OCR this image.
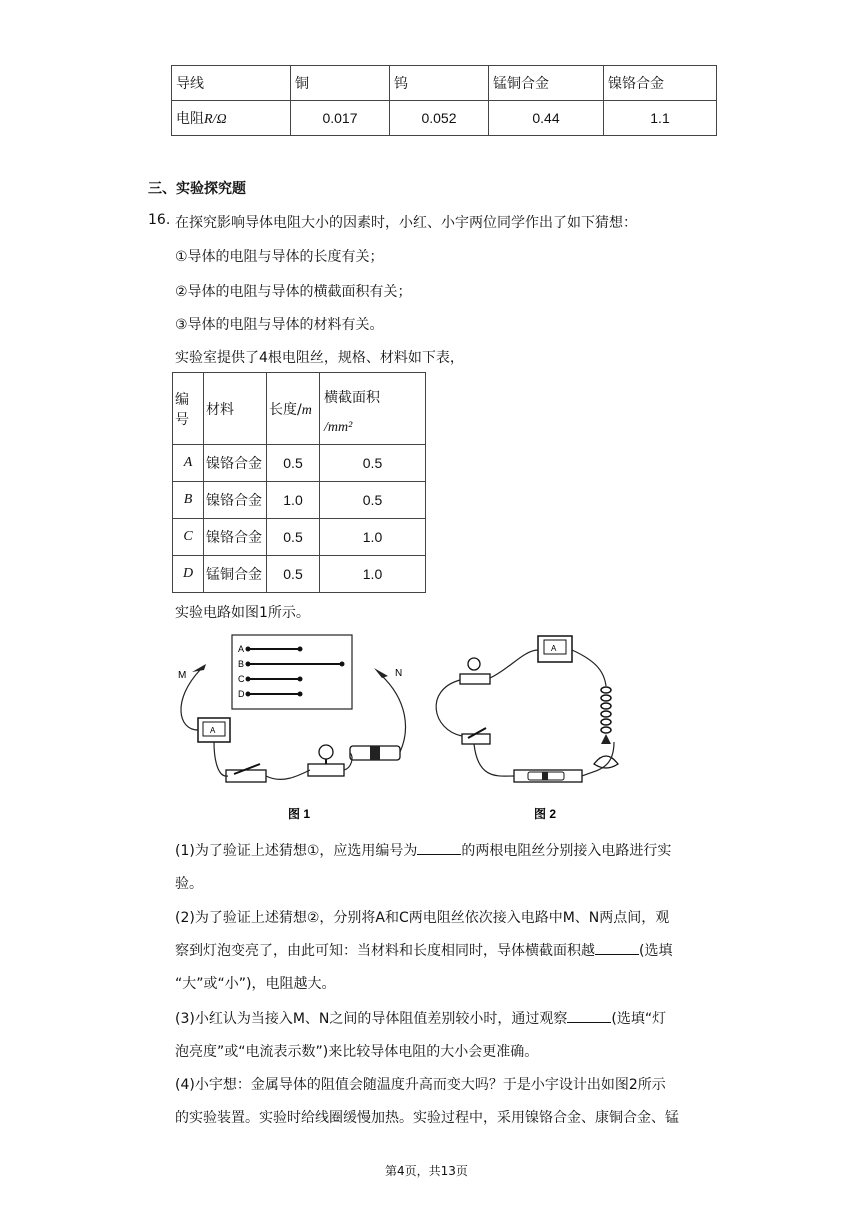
导线	铜	钨	锰铜合金	镍铬合金
电阻R/Ω	0.017	0.052	0.44	1.1
三、实验探究题
16. 在探究影响导体电阻大小的因素时，小红、小宇两位同学作出了如下猜想：
①导体的电阻与导体的长度有关；
②导体的电阻与导体的横截面积有关；
③导体的电阻与导体的材料有关。
实验室提供了4根电阻丝，规格、材料如下表，
编号	材料	长度/m	横截面积
/mm²

A	镍铬合金	0.5	0.5
B	镍铬合金	1.0	0.5
C	镍铬合金	0.5	1.0
D	锰铜合金	0.5	1.0
实验电路如图1所示。
A
B
C
D
M	N
A
图 1
A
图 2
(1)为了验证上述猜想①，应选用编号为	的两根电阻丝分别接入电路进行实
验。
(2)为了验证上述猜想②，分别将A和C两电阻丝依次接入电路中M、N两点间，观
察到灯泡变亮了，由此可知：当材料和长度相同时，导体横截面积越	(选填
“大”或“小”)，电阻越大。
(3)小红认为当接入M、N之间的导体阻值差别较小时，通过观察	(选填“灯
泡亮度”或“电流表示数”)来比较导体电阻的大小会更准确。
(4)小宇想：金属导体的阻值会随温度升高而变大吗？于是小宇设计出如图2所示
的实验装置。实验时给线圈缓慢加热。实验过程中，采用镍铬合金、康铜合金、锰
第4页，共13页
